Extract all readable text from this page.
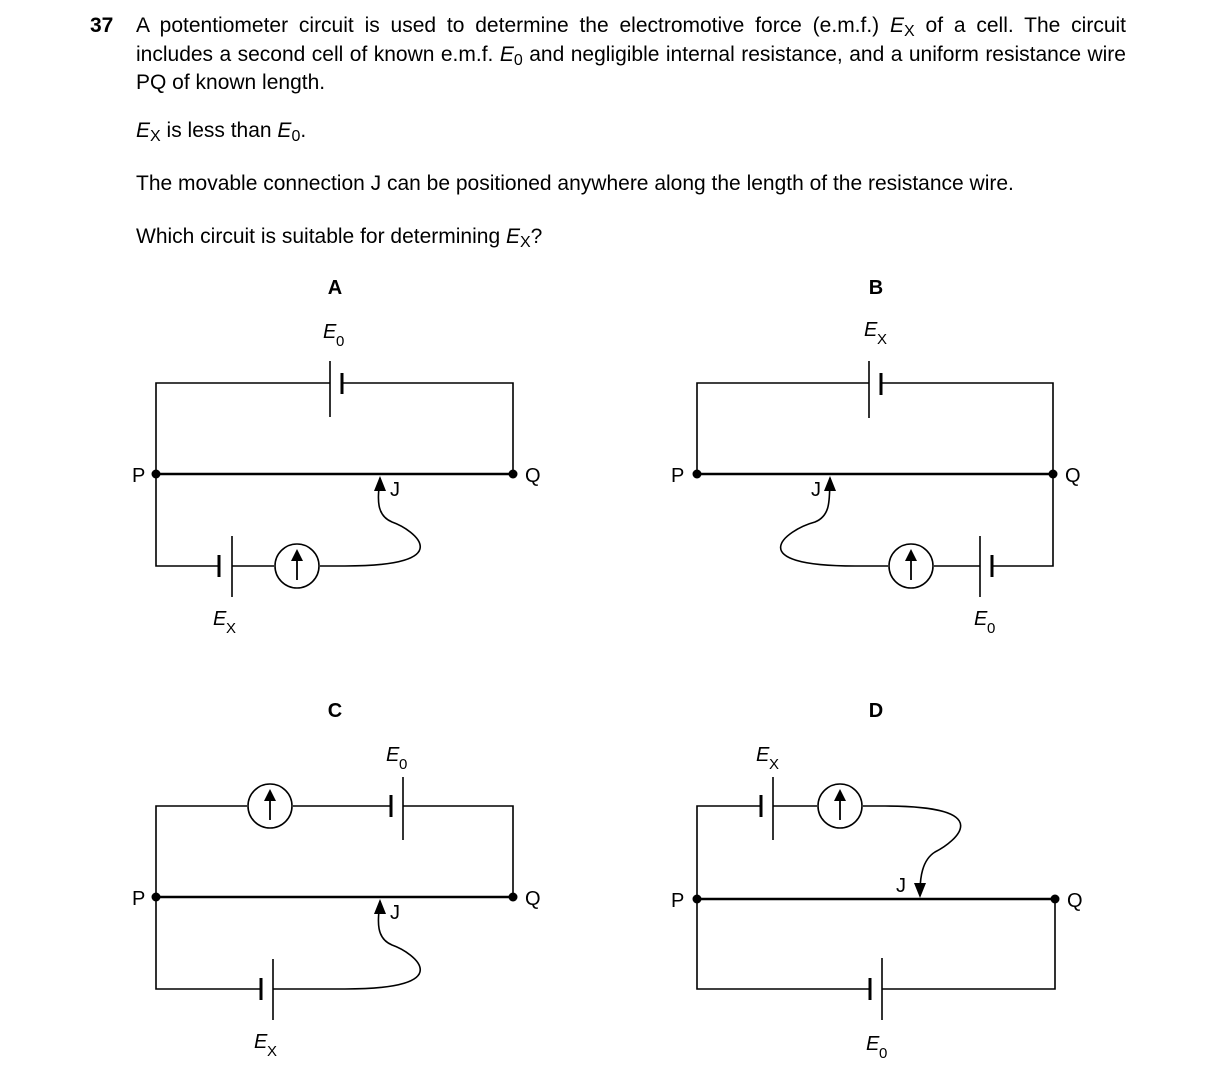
37 A potentiometer circuit is used to determine the electromotive force (e.m.f.) EX of a cell. The circuit includes a second cell of known e.m.f. E0 and negligible internal resistance, and a uniform resistance wire PQ of known length.
EX is less than E0.
The movable connection J can be positioned anywhere along the length of the resistance wire.
Which circuit is suitable for determining EX?
A
E 0
P	Q
J
E X
B
E X
P	Q
J
E 0
C
E 0
P	Q
J
E X
D
E X
J
P	Q
E 0
